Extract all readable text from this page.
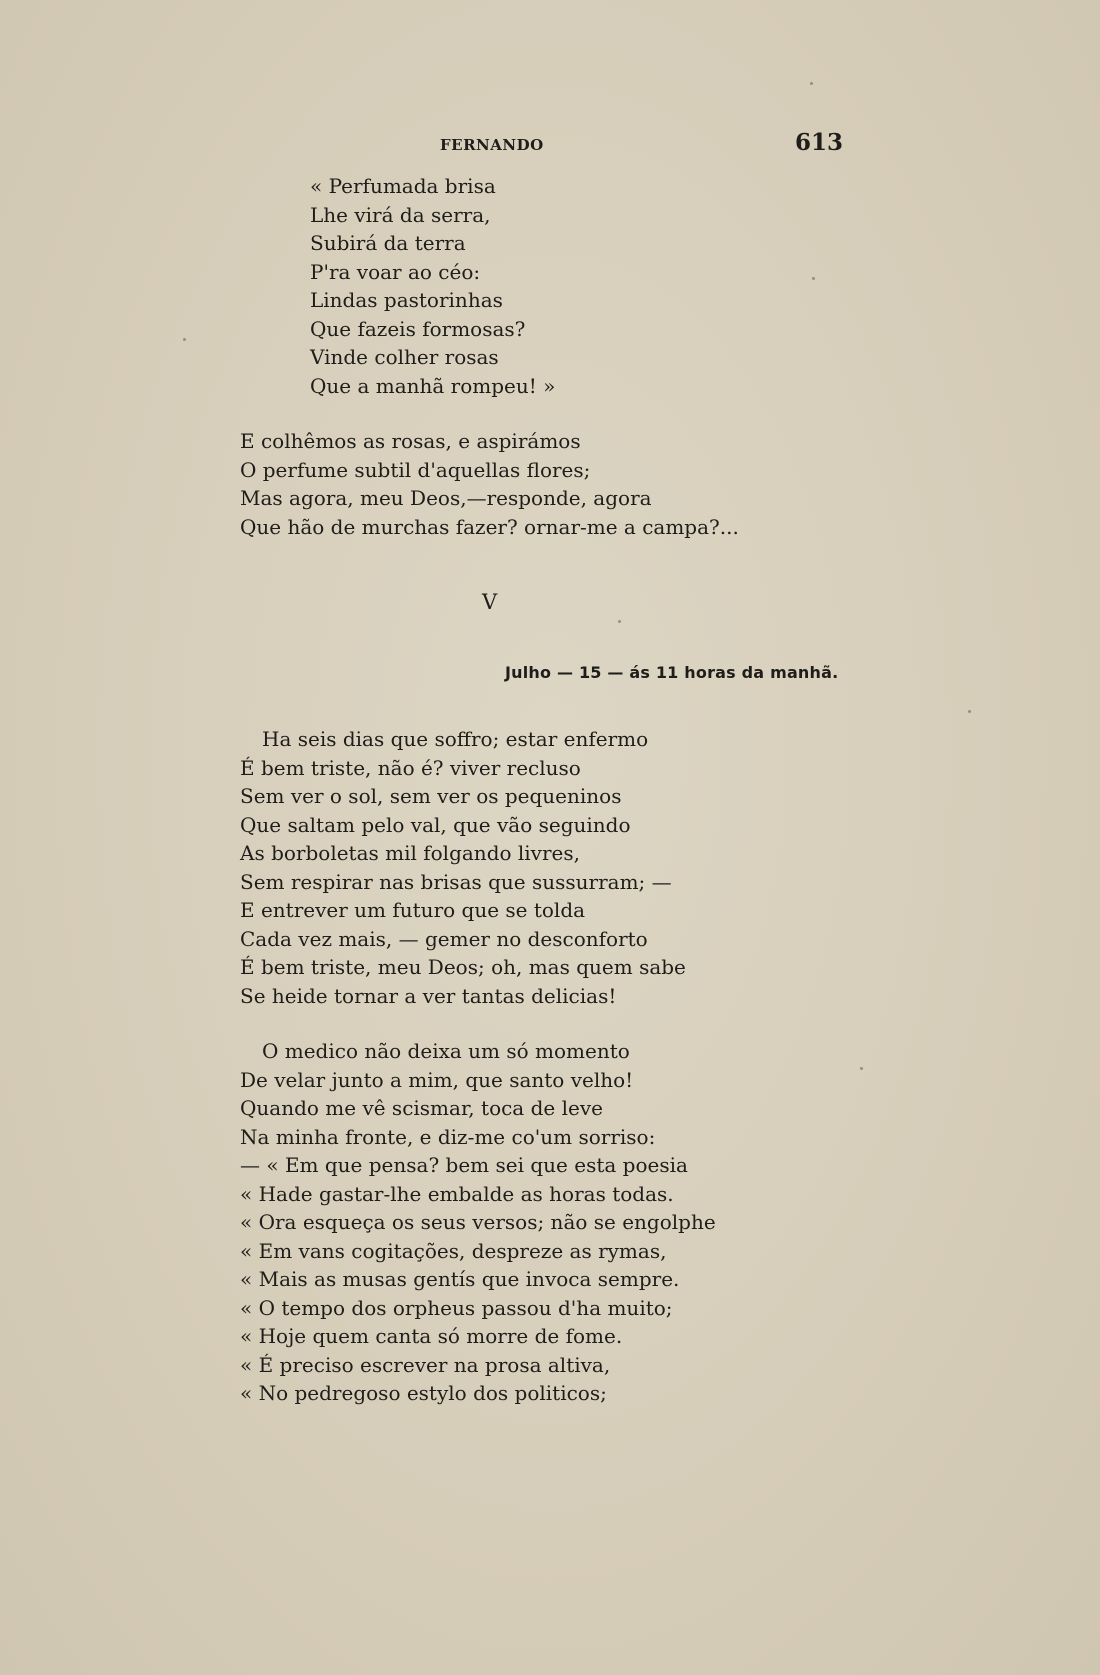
FERNANDO	613
« Perfumada brisa
Lhe virá da serra,
Subirá da terra
P'ra voar ao céo:
Lindas pastorinhas
Que fazeis formosas?
Vinde colher rosas
Que a manhã rompeu! »
E colhêmos as rosas, e aspirámos
O perfume subtil d'aquellas flores;
Mas agora, meu Deos,—responde, agora
Que hão de murchas fazer? ornar-me a campa?...
V
Julho — 15 — ás 11 horas da manhã.
Ha seis dias que soffro; estar enfermo
É bem triste, não é? viver recluso
Sem ver o sol, sem ver os pequeninos
Que saltam pelo val, que vão seguindo
As borboletas mil folgando livres,
Sem respirar nas brisas que sussurram; —
E entrever um futuro que se tolda
Cada vez mais, — gemer no desconforto
É bem triste, meu Deos; oh, mas quem sabe
Se heide tornar a ver tantas delicias!
O medico não deixa um só momento
De velar junto a mim, que santo velho!
Quando me vê scismar, toca de leve
Na minha fronte, e diz-me co'um sorriso:
— « Em que pensa? bem sei que esta poesia
« Hade gastar-lhe embalde as horas todas.
« Ora esqueça os seus versos; não se engolphe
« Em vans cogitações, despreze as rymas,
« Mais as musas gentís que invoca sempre.
« O tempo dos orpheus passou d'ha muito;
« Hoje quem canta só morre de fome.
« É preciso escrever na prosa altiva,
« No pedregoso estylo dos politicos;
